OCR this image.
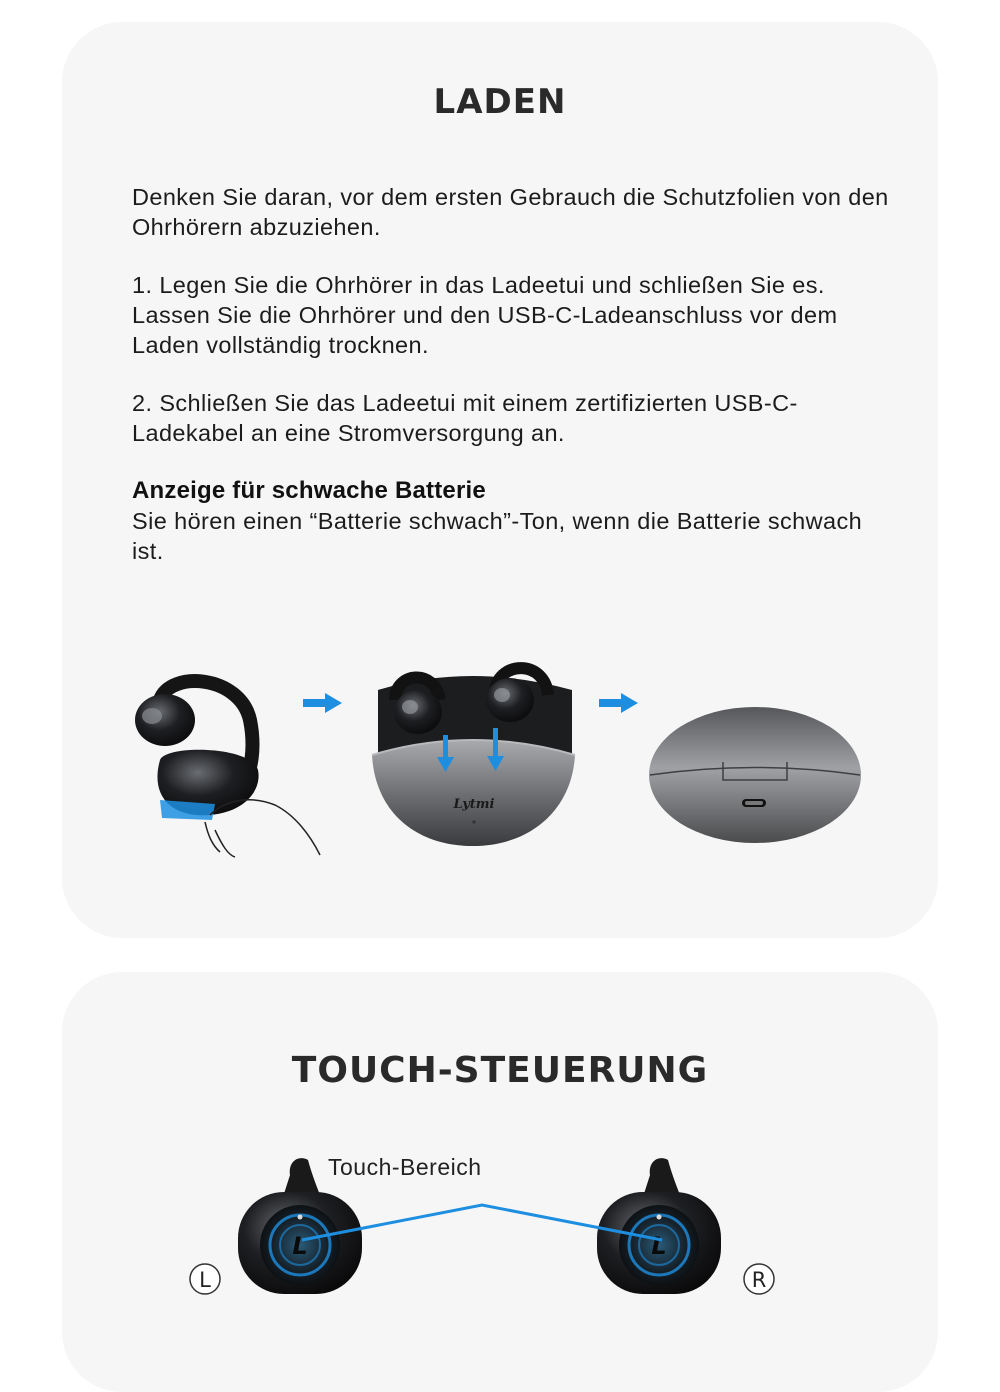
LADEN

Denken Sie daran, vor dem ersten Gebrauch die Schutzfolien von den Ohrhörern abzuziehen.

1. Legen Sie die Ohrhörer in das Ladeetui und schließen Sie es. Lassen Sie die Ohrhörer und den USB-C-Ladeanschluss vor dem Laden vollständig trocknen.

2. Schließen Sie das Ladeetui mit einem zertifizierten USB-C-Ladekabel an eine Stromversorgung an.

Anzeige für schwache Batterie

Sie hören einen “Batterie schwach”-Ton, wenn die Batterie schwach ist.

TOUCH-STEUERUNG
Lytmi
L	L
L	R
Touch-Bereich
